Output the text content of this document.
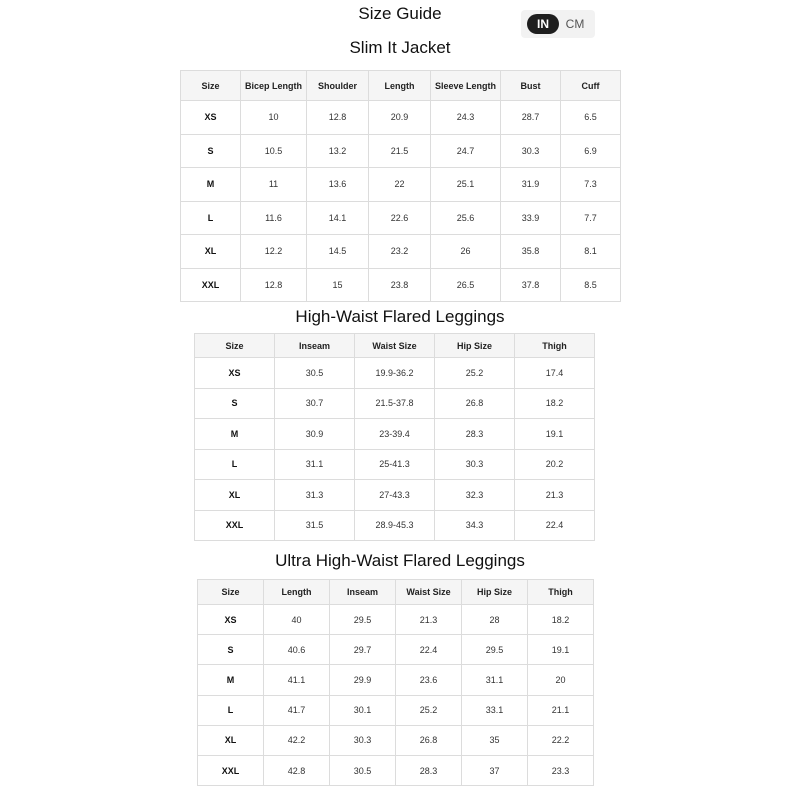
Size Guide
IN	CM
Slim It Jacket
Size	Bicep Length	Shoulder	Length	Sleeve Length	Bust	Cuff
XS	10	12.8	20.9	24.3	28.7	6.5
S	10.5	13.2	21.5	24.7	30.3	6.9
M	11	13.6	22	25.1	31.9	7.3
L	11.6	14.1	22.6	25.6	33.9	7.7
XL	12.2	14.5	23.2	26	35.8	8.1
XXL	12.8	15	23.8	26.5	37.8	8.5
High-Waist Flared Leggings
Size	Inseam	Waist Size	Hip Size	Thigh
XS	30.5	19.9-36.2	25.2	17.4
S	30.7	21.5-37.8	26.8	18.2
M	30.9	23-39.4	28.3	19.1
L	31.1	25-41.3	30.3	20.2
XL	31.3	27-43.3	32.3	21.3
XXL	31.5	28.9-45.3	34.3	22.4
Ultra High-Waist Flared Leggings
Size	Length	Inseam	Waist Size	Hip Size	Thigh
XS	40	29.5	21.3	28	18.2
S	40.6	29.7	22.4	29.5	19.1
M	41.1	29.9	23.6	31.1	20
L	41.7	30.1	25.2	33.1	21.1
XL	42.2	30.3	26.8	35	22.2
XXL	42.8	30.5	28.3	37	23.3
